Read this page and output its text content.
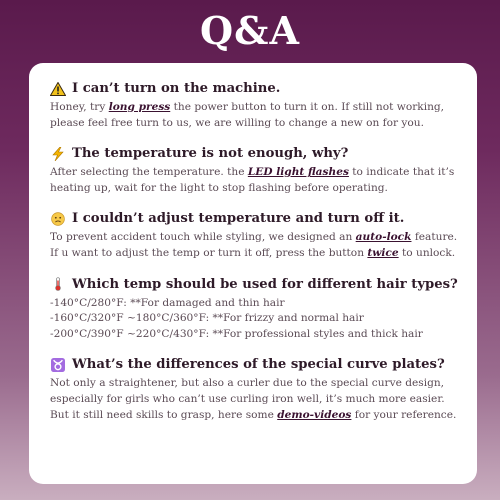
Q&A
I can’t turn on the machine.
Honey, try long press the power button to turn it on. If still not working,
please feel free turn to us, we are willing to change a new on for you.
The temperature is not enough, why?
After selecting the temperature. the LED light flashes to indicate that it’s
heating up, wait for the light to stop flashing before operating.
I couldn’t adjust temperature and turn off it.
To prevent accident touch while styling, we designed an auto-lock feature.
If u want to adjust the temp or turn it off, press the button twice to unlock.
Which temp should be used for different hair types?
-140°C/280°F: **For damaged and thin hair
-160°C/320°F ~180°C/360°F: **For frizzy and normal hair
-200°C/390°F ~220°C/430°F: **For professional styles and thick hair
What’s the differences of the special curve plates?
Not only a straightener, but also a curler due to the special curve design,
especially for girls who can’t use curling iron well, it’s much more easier.
But it still need skills to grasp, here some demo-videos for your reference.
